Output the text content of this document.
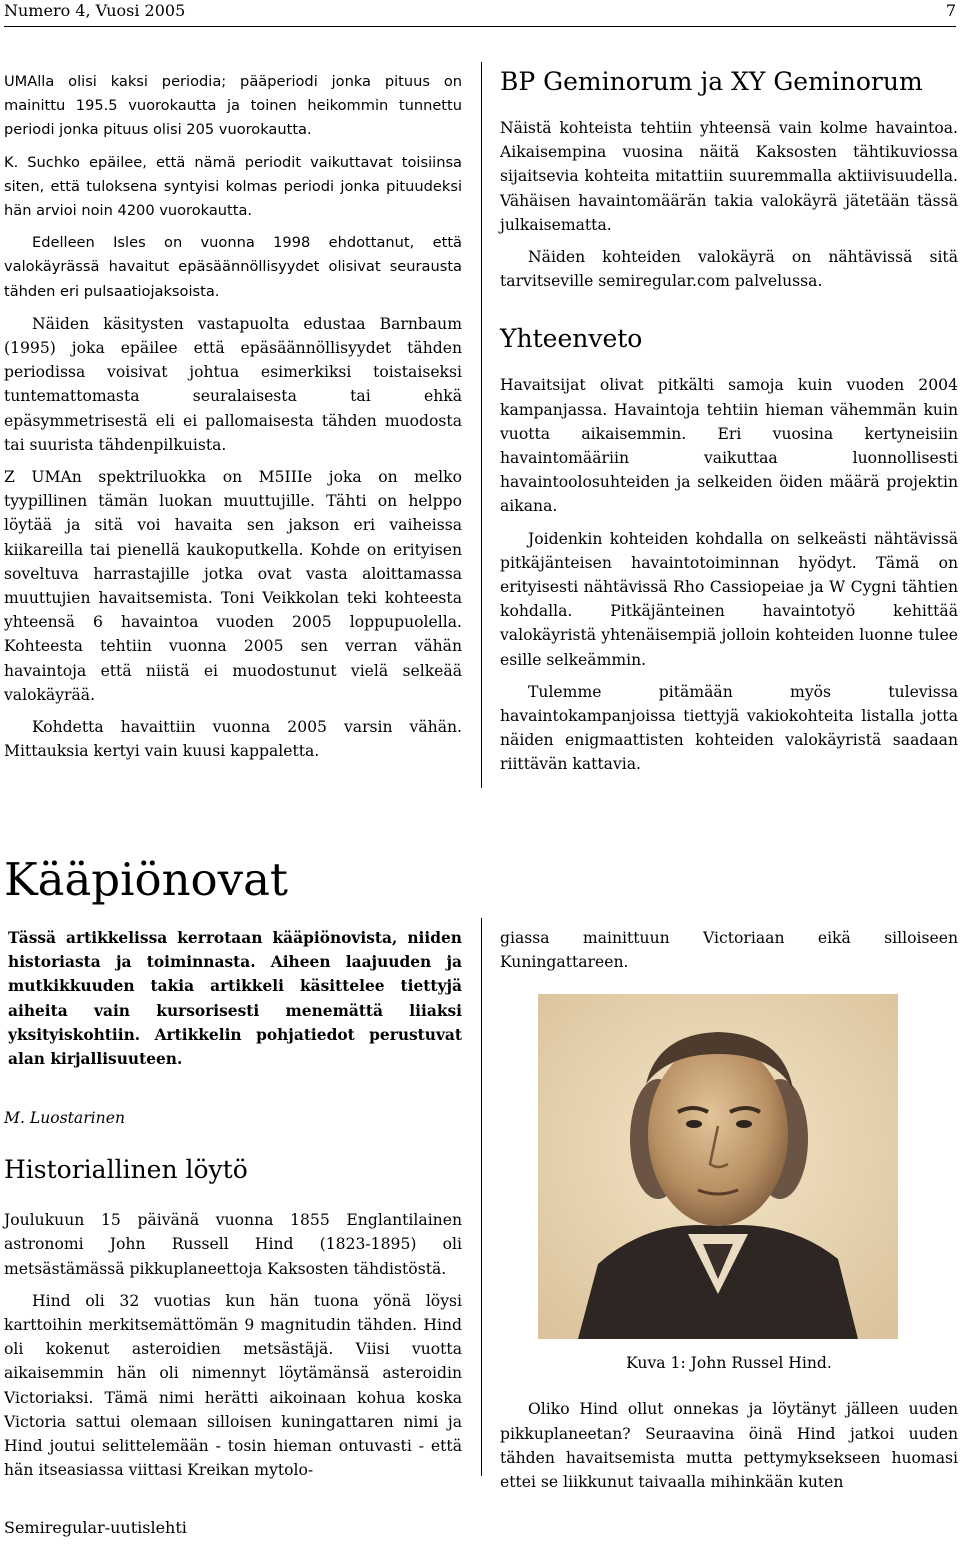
Numero 4, Vuosi 2005	7

UMAlla olisi kaksi periodia; pääperiodi jonka pituus on mainittu 195.5 vuorokautta ja toinen heikommin tunnettu periodi jonka pituus olisi 205 vuorokautta.

K. Suchko epäilee, että nämä periodit vaikuttavat toisiinsa siten, että tuloksena syntyisi kolmas periodi jonka pituudeksi hän arvioi noin 4200 vuorokautta.

Edelleen Isles on vuonna 1998 ehdottanut, että valokäyrässä havaitut epäsäännöllisyydet olisivat seurausta tähden eri pulsaatiojaksoista.

Näiden käsitysten vastapuolta edustaa Barnbaum (1995) joka epäilee että epäsäännöllisyydet tähden periodissa voisivat johtua esimerkiksi toistaiseksi tuntemattomasta seuralaisesta tai ehkä epäsymmetrisestä eli ei pallomaisesta tähden muodosta tai suurista tähdenpilkuista.

Z UMAn spektriluokka on M5IIIe joka on melko tyypillinen tämän luokan muuttujille. Tähti on helppo löytää ja sitä voi havaita sen jakson eri vaiheissa kiikareilla tai pienellä kaukoputkella. Kohde on erityisen soveltuva harrastajille jotka ovat vasta aloittamassa muuttujien havaitsemista. Toni Veikkolan teki kohteesta yhteensä 6 havaintoa vuoden 2005 loppupuolella. Kohteesta tehtiin vuonna 2005 sen verran vähän havaintoja että niistä ei muodostunut vielä selkeää valokäyrää.

Kohdetta havaittiin vuonna 2005 varsin vähän. Mittauksia kertyi vain kuusi kappaletta.

BP Geminorum ja XY Geminorum

Näistä kohteista tehtiin yhteensä vain kolme havaintoa. Aikaisempina vuosina näitä Kaksosten tähtikuviossa sijaitsevia kohteita mitattiin suuremmalla aktiivisuudella. Vähäisen havaintomäärän takia valokäyrä jätetään tässä julkaisematta.

Näiden kohteiden valokäyrä on nähtävissä sitä tarvitseville semiregular.com palvelussa.

Yhteenveto

Havaitsijat olivat pitkälti samoja kuin vuoden 2004 kampanjassa. Havaintoja tehtiin hieman vähemmän kuin vuotta aikaisemmin. Eri vuosina kertyneisiin havaintomääriin vaikuttaa luonnollisesti havaintoolosuhteiden ja selkeiden öiden määrä projektin aikana.

Joidenkin kohteiden kohdalla on selkeästi nähtävissä pitkäjänteisen havaintotoiminnan hyödyt. Tämä on erityisesti nähtävissä Rho Cassiopeiae ja W Cygni tähtien kohdalla. Pitkäjänteinen havaintotyö kehittää valokäyristä yhtenäisempiä jolloin kohteiden luonne tulee esille selkeämmin.

Tulemme pitämään myös tulevissa havaintokampanjoissa tiettyjä vakiokohteita listalla jotta näiden enigmaattisten kohteiden valokäyristä saadaan riittävän kattavia.

Kääpiönovat

Tässä artikkelissa kerrotaan kääpiönovista, niiden historiasta ja toiminnasta. Aiheen laajuuden ja mutkikkuuden takia artikkeli käsittelee tiettyjä aiheita vain kursorisesti menemättä liiaksi yksityiskohtiin. Artikkelin pohjatiedot perustuvat alan kirjallisuuteen.

M. Luostarinen

Historiallinen löytö

Joulukuun 15 päivänä vuonna 1855 Englantilainen astronomi John Russell Hind (1823-1895) oli metsästämässä pikkuplaneettoja Kaksosten tähdistöstä.

Hind oli 32 vuotias kun hän tuona yönä löysi karttoihin merkitsemättömän 9 magnitudin tähden. Hind oli kokenut asteroidien metsästäjä. Viisi vuotta aikaisemmin hän oli nimennyt löytämänsä asteroidin Victoriaksi. Tämä nimi herätti aikoinaan kohua koska Victoria sattui olemaan silloisen kuningattaren nimi ja Hind joutui selittelemään - tosin hieman ontuvasti - että hän itseasiassa viittasi Kreikan mytolo-

giassa mainittuun Victoriaan eikä silloiseen Kuningattareen.

Kuva 1: John Russel Hind.

Oliko Hind ollut onnekas ja löytänyt jälleen uuden pikkuplaneetan? Seuraavina öinä Hind jatkoi uuden tähden havaitsemista mutta pettymyksekseen huomasi ettei se liikkunut taivaalla mihinkään kuten

Semiregular-uutislehti
